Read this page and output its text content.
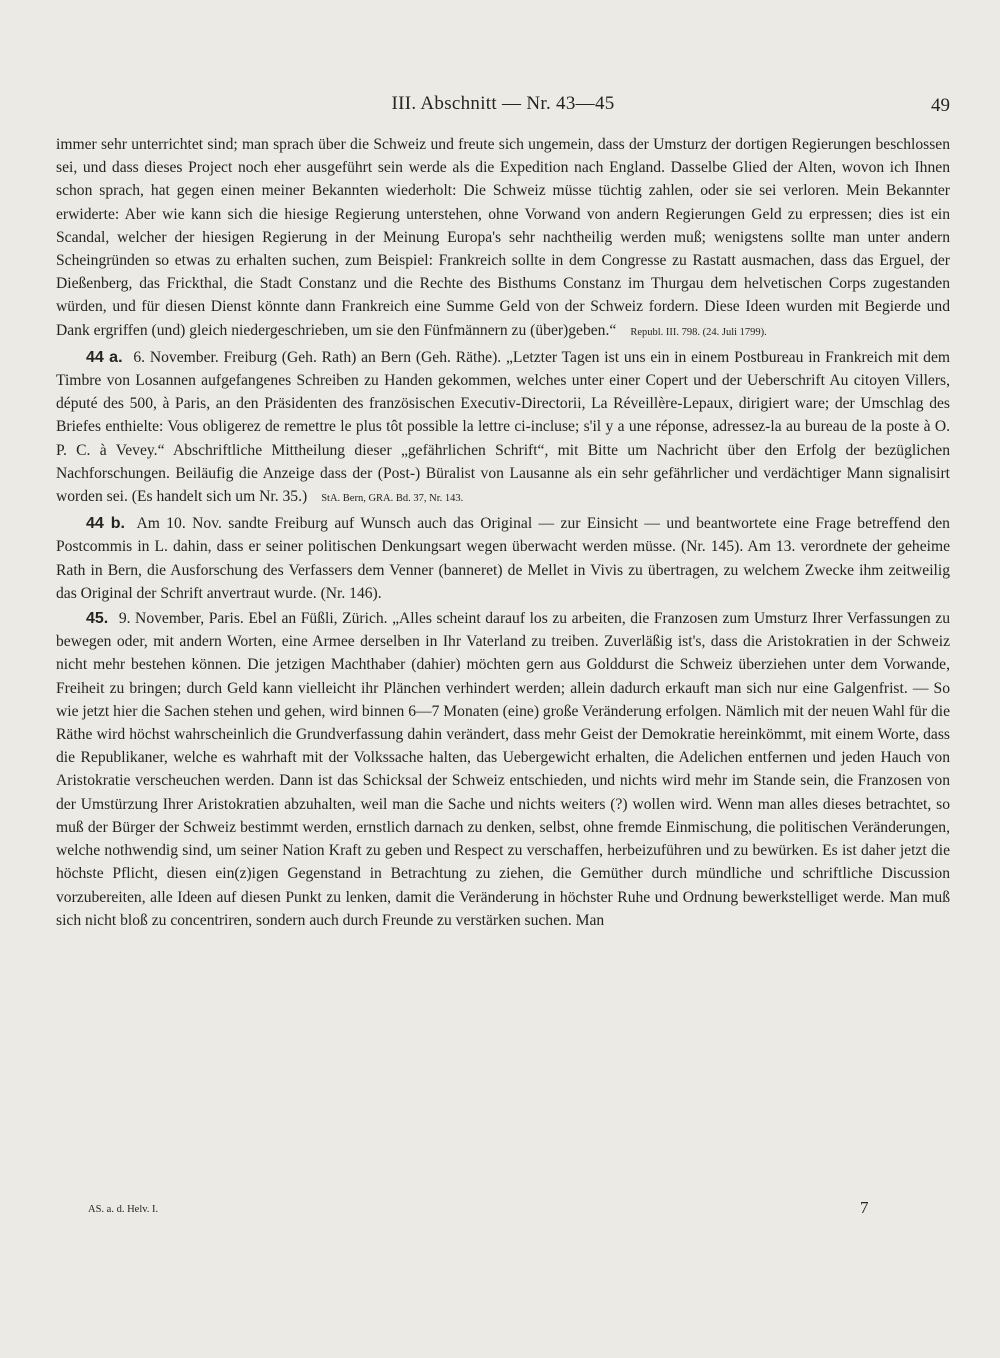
III. Abschnitt — Nr. 43—45	49

immer sehr unterrichtet sind; man sprach über die Schweiz und freute sich ungemein, dass der Umsturz der dortigen Regierungen beschlossen sei, und dass dieses Project noch eher ausgeführt sein werde als die Expedition nach England. Dasselbe Glied der Alten, wovon ich Ihnen schon sprach, hat gegen einen meiner Bekannten wiederholt: Die Schweiz müsse tüchtig zahlen, oder sie sei verloren. Mein Bekannter erwiderte: Aber wie kann sich die hiesige Regierung unterstehen, ohne Vorwand von andern Regierungen Geld zu erpressen; dies ist ein Scandal, welcher der hiesigen Regierung in der Meinung Europa's sehr nachtheilig werden muß; wenigstens sollte man unter andern Scheingründen so etwas zu erhalten suchen, zum Beispiel: Frankreich sollte in dem Congresse zu Rastatt ausmachen, dass das Erguel, der Dießenberg, das Frickthal, die Stadt Constanz und die Rechte des Bisthums Constanz im Thurgau dem helvetischen Corps zugestanden würden, und für diesen Dienst könnte dann Frankreich eine Summe Geld von der Schweiz fordern. Diese Ideen wurden mit Begierde und Dank ergriffen (und) gleich niedergeschrieben, um sie den Fünfmännern zu (über)geben.“ Republ. III. 798. (24. Juli 1799).

44 a. 6. November. Freiburg (Geh. Rath) an Bern (Geh. Räthe). „Letzter Tagen ist uns ein in einem Postbureau in Frankreich mit dem Timbre von Losannen aufgefangenes Schreiben zu Handen gekommen, welches unter einer Copert und der Ueberschrift Au citoyen Villers, député des 500, à Paris, an den Präsidenten des französischen Executiv-Directorii, La Réveillère-Lepaux, dirigiert ware; der Umschlag des Briefes enthielte: Vous obligerez de remettre le plus tôt possible la lettre ci-incluse; s'il y a une réponse, adressez-la au bureau de la poste à O. P. C. à Vevey.“ Abschriftliche Mittheilung dieser „gefährlichen Schrift“, mit Bitte um Nachricht über den Erfolg der bezüglichen Nachforschungen. Beiläufig die Anzeige dass der (Post-) Büralist von Lausanne als ein sehr gefährlicher und verdächtiger Mann signalisirt worden sei. (Es handelt sich um Nr. 35.) StA. Bern, GRA. Bd. 37, Nr. 143.

44 b. Am 10. Nov. sandte Freiburg auf Wunsch auch das Original — zur Einsicht — und beantwortete eine Frage betreffend den Postcommis in L. dahin, dass er seiner politischen Denkungsart wegen überwacht werden müsse. (Nr. 145). Am 13. verordnete der geheime Rath in Bern, die Ausforschung des Verfassers dem Venner (banneret) de Mellet in Vivis zu übertragen, zu welchem Zwecke ihm zeitweilig das Original der Schrift anvertraut wurde. (Nr. 146).

45. 9. November, Paris. Ebel an Füßli, Zürich. „Alles scheint darauf los zu arbeiten, die Franzosen zum Umsturz Ihrer Verfassungen zu bewegen oder, mit andern Worten, eine Armee derselben in Ihr Vaterland zu treiben. Zuverläßig ist's, dass die Aristokratien in der Schweiz nicht mehr bestehen können. Die jetzigen Machthaber (dahier) möchten gern aus Golddurst die Schweiz überziehen unter dem Vorwande, Freiheit zu bringen; durch Geld kann vielleicht ihr Plänchen verhindert werden; allein dadurch erkauft man sich nur eine Galgenfrist. — So wie jetzt hier die Sachen stehen und gehen, wird binnen 6—7 Monaten (eine) große Veränderung erfolgen. Nämlich mit der neuen Wahl für die Räthe wird höchst wahrscheinlich die Grundverfassung dahin verändert, dass mehr Geist der Demokratie hereinkömmt, mit einem Worte, dass die Republikaner, welche es wahrhaft mit der Volkssache halten, das Uebergewicht erhalten, die Adelichen entfernen und jeden Hauch von Aristokratie verscheuchen werden. Dann ist das Schicksal der Schweiz entschieden, und nichts wird mehr im Stande sein, die Franzosen von der Umstürzung Ihrer Aristokratien abzuhalten, weil man die Sache und nichts weiters (?) wollen wird. Wenn man alles dieses betrachtet, so muß der Bürger der Schweiz bestimmt werden, ernstlich darnach zu denken, selbst, ohne fremde Einmischung, die politischen Veränderungen, welche nothwendig sind, um seiner Nation Kraft zu geben und Respect zu verschaffen, herbeizuführen und zu bewürken. Es ist daher jetzt die höchste Pflicht, diesen ein(z)igen Gegenstand in Betrachtung zu ziehen, die Gemüther durch mündliche und schriftliche Discussion vorzubereiten, alle Ideen auf diesen Punkt zu lenken, damit die Veränderung in höchster Ruhe und Ordnung bewerkstelliget werde. Man muß sich nicht bloß zu concentriren, sondern auch durch Freunde zu verstärken suchen. Man

AS. a. d. Helv. I.	7
